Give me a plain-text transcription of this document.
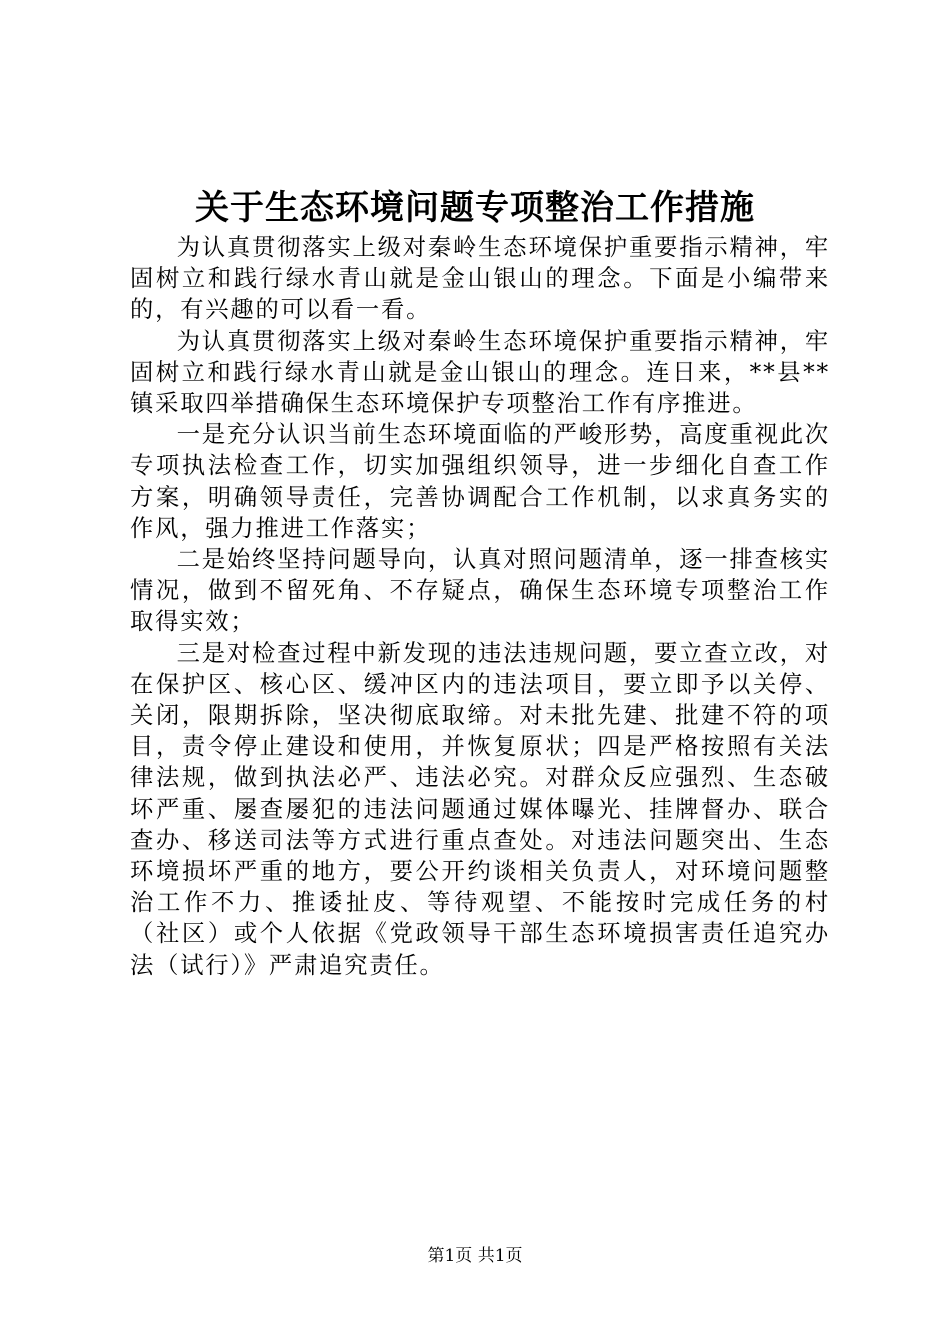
关于生态环境问题专项整治工作措施

为认真贯彻落实上级对秦岭生态环境保护重要指示精神，牢固树立和践行绿水青山就是金山银山的理念。下面是小编带来的，有兴趣的可以看一看。

为认真贯彻落实上级对秦岭生态环境保护重要指示精神，牢固树立和践行绿水青山就是金山银山的理念。连日来，**县**镇采取四举措确保生态环境保护专项整治工作有序推进。

一是充分认识当前生态环境面临的严峻形势，高度重视此次专项执法检查工作，切实加强组织领导，进一步细化自查工作方案，明确领导责任，完善协调配合工作机制，以求真务实的作风，强力推进工作落实；

二是始终坚持问题导向，认真对照问题清单，逐一排查核实情况，做到不留死角、不存疑点，确保生态环境专项整治工作取得实效；

三是对检查过程中新发现的违法违规问题，要立查立改，对在保护区、核心区、缓冲区内的违法项目，要立即予以关停、关闭，限期拆除，坚决彻底取缔。对未批先建、批建不符的项目，责令停止建设和使用，并恢复原状；四是严格按照有关法律法规，做到执法必严、违法必究。对群众反应强烈、生态破坏严重、屡查屡犯的违法问题通过媒体曝光、挂牌督办、联合查办、移送司法等方式进行重点查处。对违法问题突出、生态环境损坏严重的地方，要公开约谈相关负责人，对环境问题整治工作不力、推诿扯皮、等待观望、不能按时完成任务的村（社区）或个人依据《党政领导干部生态环境损害责任追究办法（试行）》严肃追究责任。

第1页 共1页
